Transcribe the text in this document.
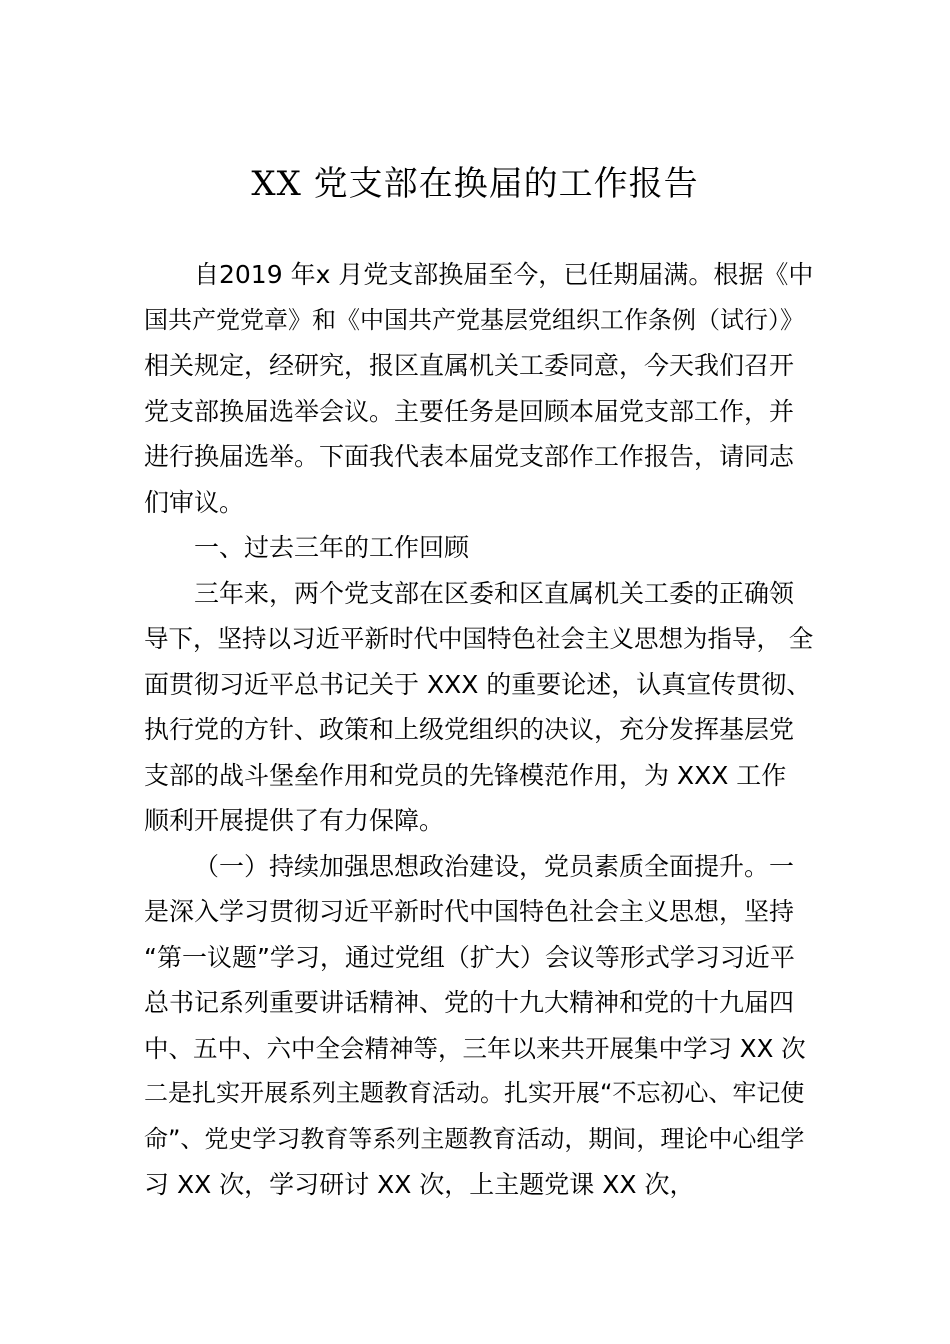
XX 党支部在换届的工作报告
自2019 年x 月党支部换届至今，已任期届满。根据《中
国共产党党章》和《中国共产党基层党组织工作条例（试行）》
相关规定，经研究，报区直属机关工委同意，今天我们召开
党支部换届选举会议。主要任务是回顾本届党支部工作，并
进行换届选举。下面我代表本届党支部作工作报告，请同志
们审议。
一、过去三年的工作回顾
三年来，两个党支部在区委和区直属机关工委的正确领
导下，坚持以习近平新时代中国特色社会主义思想为指导， 全
面贯彻习近平总书记关于 XXX 的重要论述，认真宣传贯彻、
执行党的方针、政策和上级党组织的决议，充分发挥基层党
支部的战斗堡垒作用和党员的先锋模范作用，为 XXX 工作
顺利开展提供了有力保障。
（一）持续加强思想政治建设，党员素质全面提升。一
是深入学习贯彻习近平新时代中国特色社会主义思想，坚持
“第一议题”学习，通过党组（扩大）会议等形式学习习近平
总书记系列重要讲话精神、党的十九大精神和党的十九届四
中、五中、六中全会精神等，三年以来共开展集中学习 XX 次
二是扎实开展系列主题教育活动。扎实开展“不忘初心、牢记使
命”、党史学习教育等系列主题教育活动，期间，理论中心组学
习 XX 次，学习研讨 XX 次，上主题党课 XX 次，
